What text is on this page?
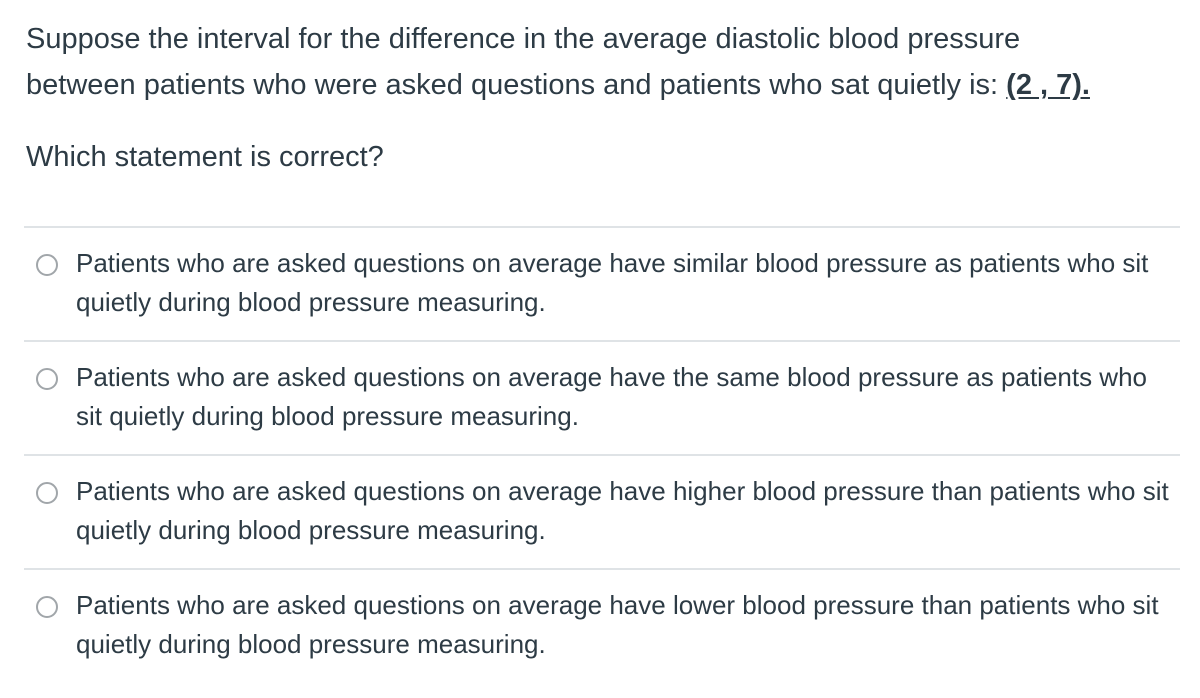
Suppose the interval for the difference in the average diastolic blood pressure

between patients who were asked questions and patients who sat quietly is: (2 , 7).

Which statement is correct?
Patients who are asked questions on average have similar blood pressure as patients who sit quietly during blood pressure measuring.
Patients who are asked questions on average have the same blood pressure as patients who sit quietly during blood pressure measuring.
Patients who are asked questions on average have higher blood pressure than patients who sit quietly during blood pressure measuring.
Patients who are asked questions on average have lower blood pressure than patients who sit quietly during blood pressure measuring.
